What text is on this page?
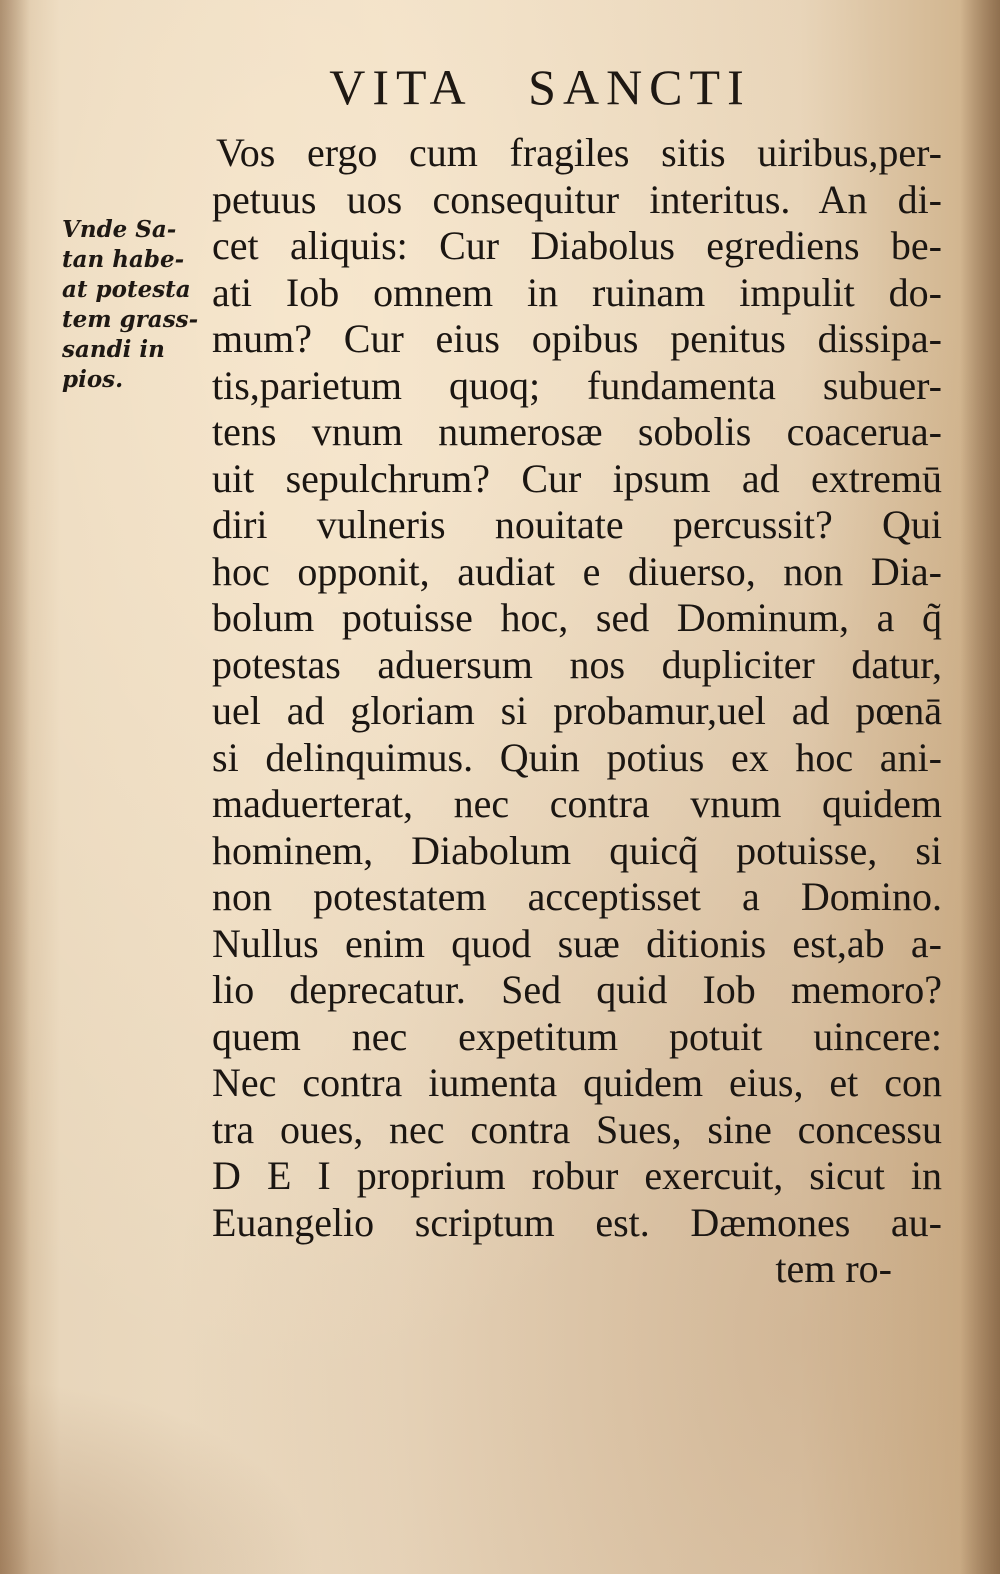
VITA SANCTI
Vnde Sa-
tan habe-
at potesta
tem grass-
sandi in
pios.
Vos ergo cum fragiles sitis uiribus,per-
petuus uos consequitur interitus. An di-
cet aliquis: Cur Diabolus egrediens be-
ati Iob omnem in ruinam impulit do-
mum? Cur eius opibus penitus dissipa-
tis,parietum quoq; fundamenta subuer-
tens vnum numerosæ sobolis coacerua-
uit sepulchrum? Cur ipsum ad extremū
diri vulneris nouitate percussit? Qui
hoc opponit, audiat e diuerso, non Dia-
bolum potuisse hoc, sed Dominum, a q̃
potestas aduersum nos dupliciter datur,
uel ad gloriam si probamur,uel ad pœnā
si delinquimus. Quin potius ex hoc ani-
maduerterat, nec contra vnum quidem
hominem, Diabolum quicq̃ potuisse, si
non potestatem acceptisset a Domino.
Nullus enim quod suæ ditionis est,ab a-
lio deprecatur. Sed quid Iob memoro?
quem nec expetitum potuit uincere:
Nec contra iumenta quidem eius, et con
tra oues, nec contra Sues, sine concessu
D E I proprium robur exercuit, sicut in
Euangelio scriptum est. Dæmones au-
tem ro-
